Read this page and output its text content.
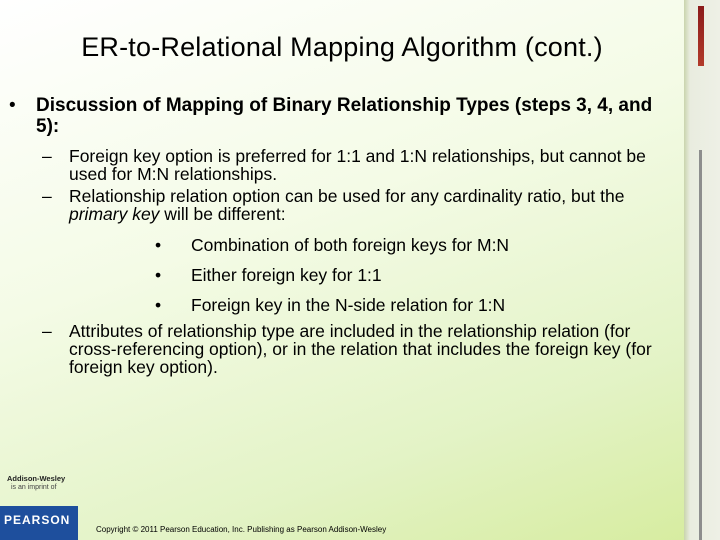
ER-to-Relational Mapping Algorithm (cont.)
• Discussion of Mapping of Binary Relationship Types (steps 3, 4, and 5):
– Foreign key option is preferred for 1:1 and 1:N relationships, but cannot be used for M:N relationships.
– Relationship relation option can be used for any cardinality ratio, but the primary key will be different:
• Combination of both foreign keys for M:N
• Either foreign key for 1:1
• Foreign key in the N-side relation for 1:N
– Attributes of relationship type are included in the relationship relation (for cross-referencing option), or in the relation that includes the foreign key (for foreign key option).
Addison-Wesley
is an imprint of
PEARSON
Copyright © 2011 Pearson Education, Inc. Publishing as Pearson Addison-Wesley
